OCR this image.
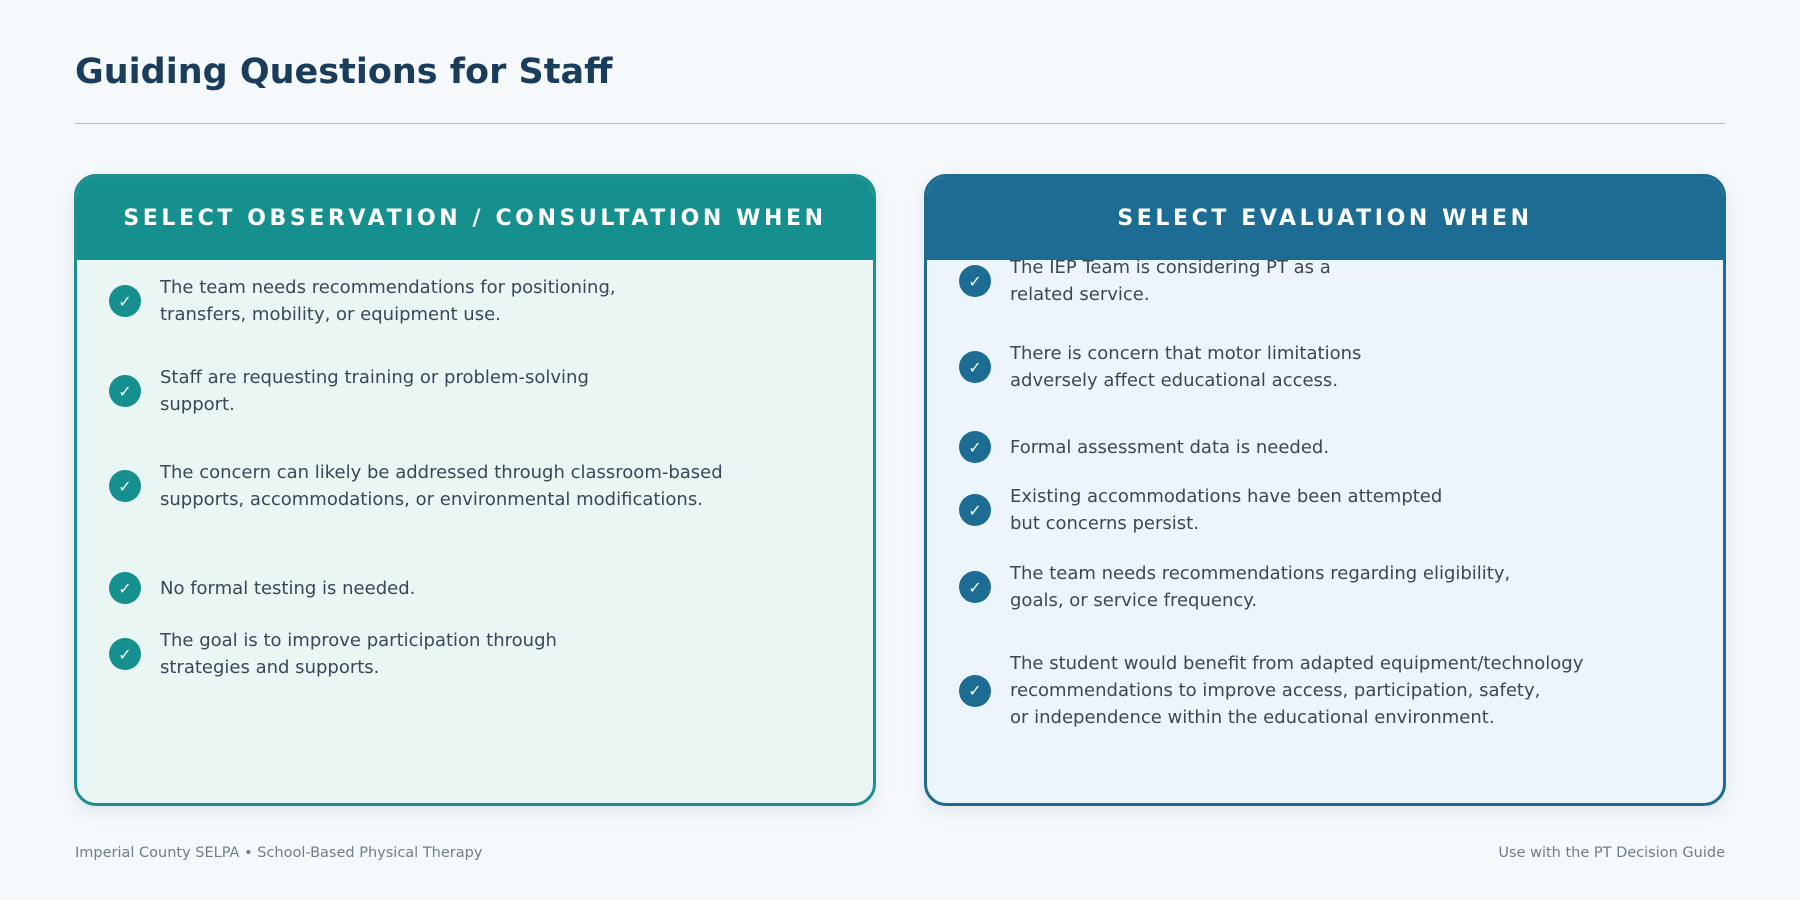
Guiding Questions for Staff
SELECT OBSERVATION / CONSULTATION WHEN
✓
The team needs recommendations for positioning,
transfers, mobility, or equipment use.
✓
Staff are requesting training or problem-solving
support.
✓
The concern can likely be addressed through classroom-based
supports, accommodations, or environmental modifications.
✓	No formal testing is needed.
✓
The goal is to improve participation through
strategies and supports.
SELECT EVALUATION WHEN
✓
The IEP Team is considering PT as a
related service.
✓
There is concern that motor limitations
adversely affect educational access.
✓	Formal assessment data is needed.
✓
Existing accommodations have been attempted
but concerns persist.
✓
The team needs recommendations regarding eligibility,
goals, or service frequency.
✓
The student would benefit from adapted equipment/technology
recommendations to improve access, participation, safety,
or independence within the educational environment.
Imperial County SELPA • School-Based Physical Therapy	Use with the PT Decision Guide
